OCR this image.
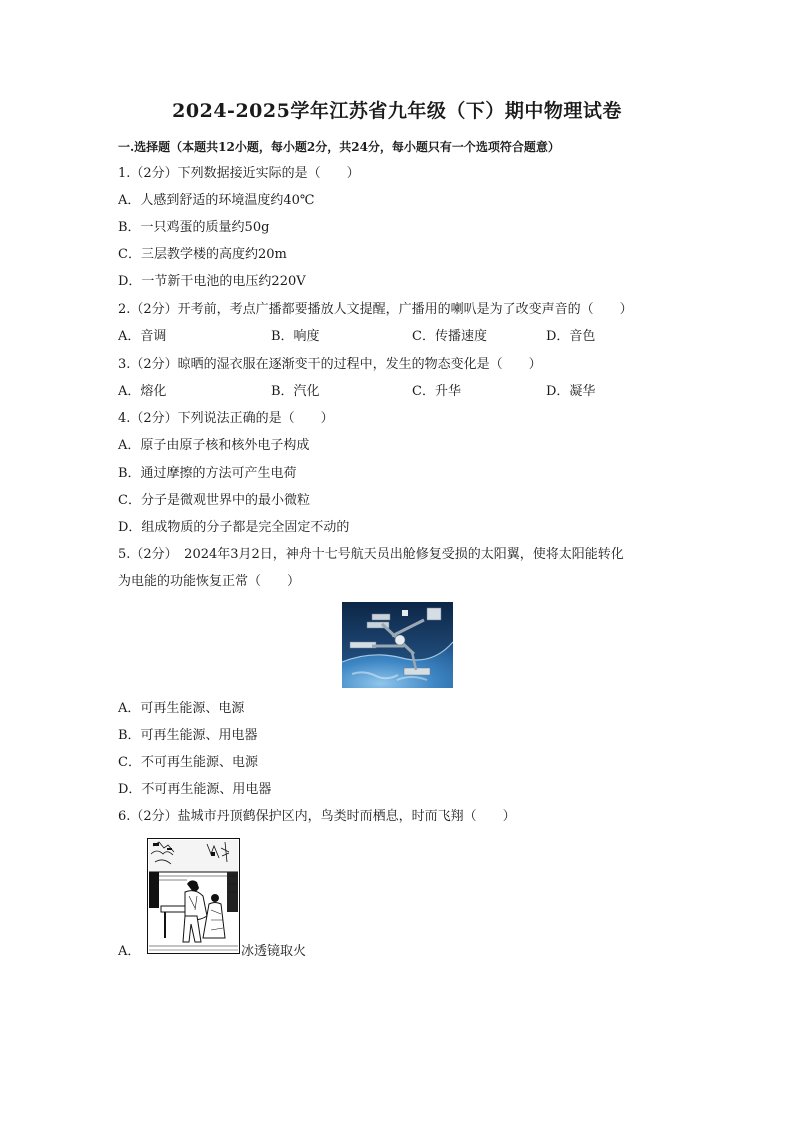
2024-2025学年江苏省九年级（下）期中物理试卷
一.选择题（本题共12小题，每小题2分，共24分，每小题只有一个选项符合题意）
1.（2分）下列数据接近实际的是（　　）
A．人感到舒适的环境温度约40℃
B．一只鸡蛋的质量约50g
C．三层教学楼的高度约20m
D．一节新干电池的电压约220V
2.（2分）开考前，考点广播都要播放人文提醒，广播用的喇叭是为了改变声音的（　　）
A．音调	B．响度	C．传播速度	D．音色
3.（2分）晾晒的湿衣服在逐渐变干的过程中，发生的物态变化是（　　）
A．熔化	B．汽化	C．升华	D．凝华
4.（2分）下列说法正确的是（　　）
A．原子由原子核和核外电子构成
B．通过摩擦的方法可产生电荷
C．分子是微观世界中的最小微粒
D．组成物质的分子都是完全固定不动的
5.（2分）　2024年3月2日，神舟十七号航天员出舱修复受损的太阳翼，使将太阳能转化
为电能的功能恢复正常（　　）
A．可再生能源、电源
B．可再生能源、用电器
C．不可再生能源、电源
D．不可再生能源、用电器
6.（2分）盐城市丹顶鹤保护区内，鸟类时而栖息，时而飞翔（　　）
A．	冰透镜取火
